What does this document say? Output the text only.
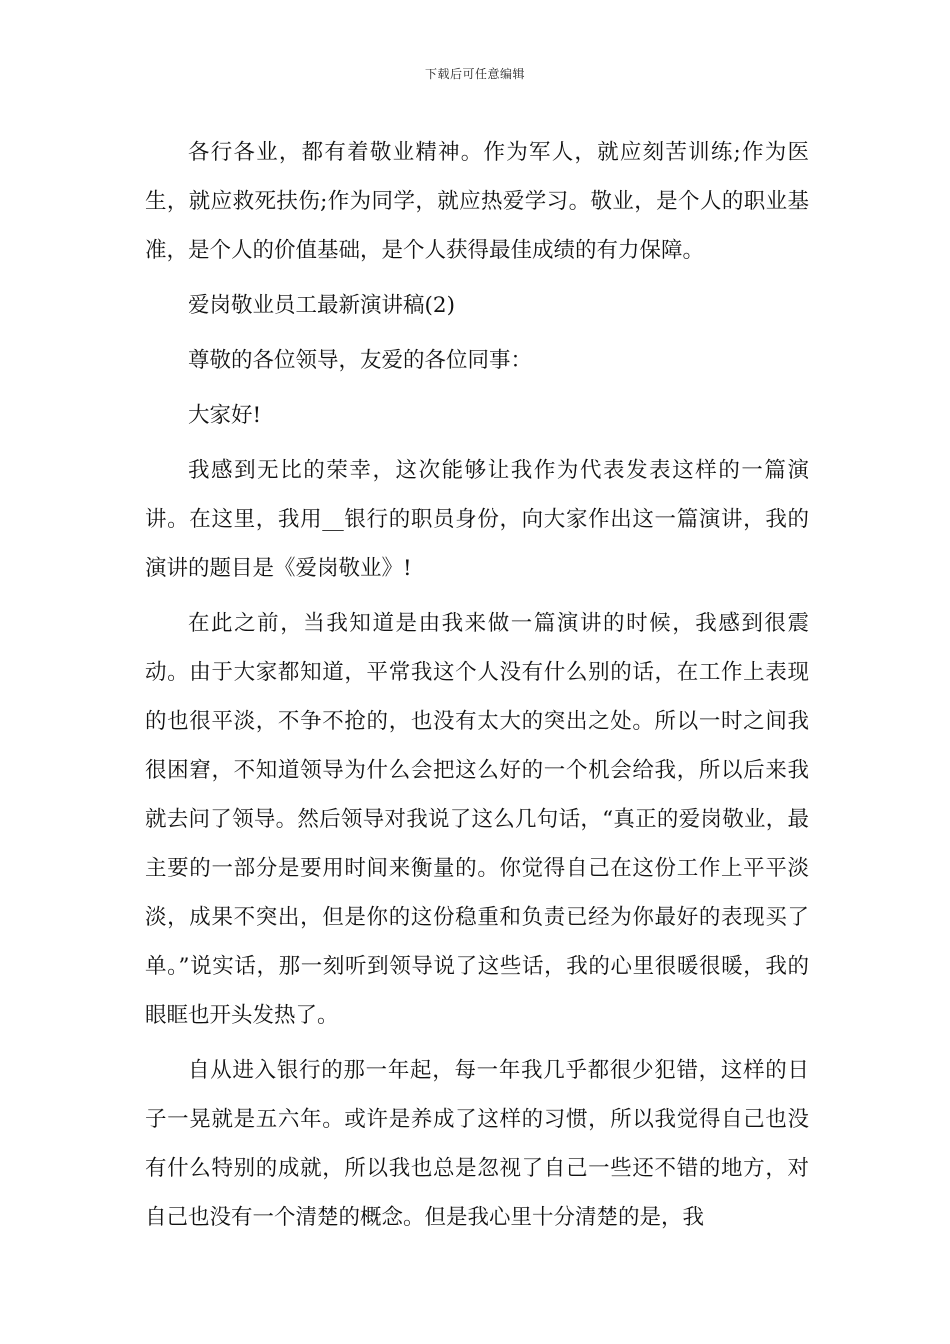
下载后可任意编辑

各行各业，都有着敬业精神。作为军人，就应刻苦训练;作为医生，就应救死扶伤;作为同学，就应热爱学习。敬业，是个人的职业基准，是个人的价值基础，是个人获得最佳成绩的有力保障。

爱岗敬业员工最新演讲稿(2)

尊敬的各位领导，友爱的各位同事：

大家好!

我感到无比的荣幸，这次能够让我作为代表发表这样的一篇演讲。在这里，我用__银行的职员身份，向大家作出这一篇演讲，我的演讲的题目是《爱岗敬业》!

在此之前，当我知道是由我来做一篇演讲的时候，我感到很震动。由于大家都知道，平常我这个人没有什么别的话，在工作上表现的也很平淡，不争不抢的，也没有太大的突出之处。所以一时之间我很困窘，不知道领导为什么会把这么好的一个机会给我，所以后来我就去问了领导。然后领导对我说了这么几句话，“真正的爱岗敬业，最主要的一部分是要用时间来衡量的。你觉得自己在这份工作上平平淡淡，成果不突出，但是你的这份稳重和负责已经为你最好的表现买了单。”说实话，那一刻听到领导说了这些话，我的心里很暖很暖，我的眼眶也开头发热了。

自从进入银行的那一年起，每一年我几乎都很少犯错，这样的日子一晃就是五六年。或许是养成了这样的习惯，所以我觉得自己也没有什么特别的成就，所以我也总是忽视了自己一些还不错的地方，对自己也没有一个清楚的概念。但是我心里十分清楚的是，我
